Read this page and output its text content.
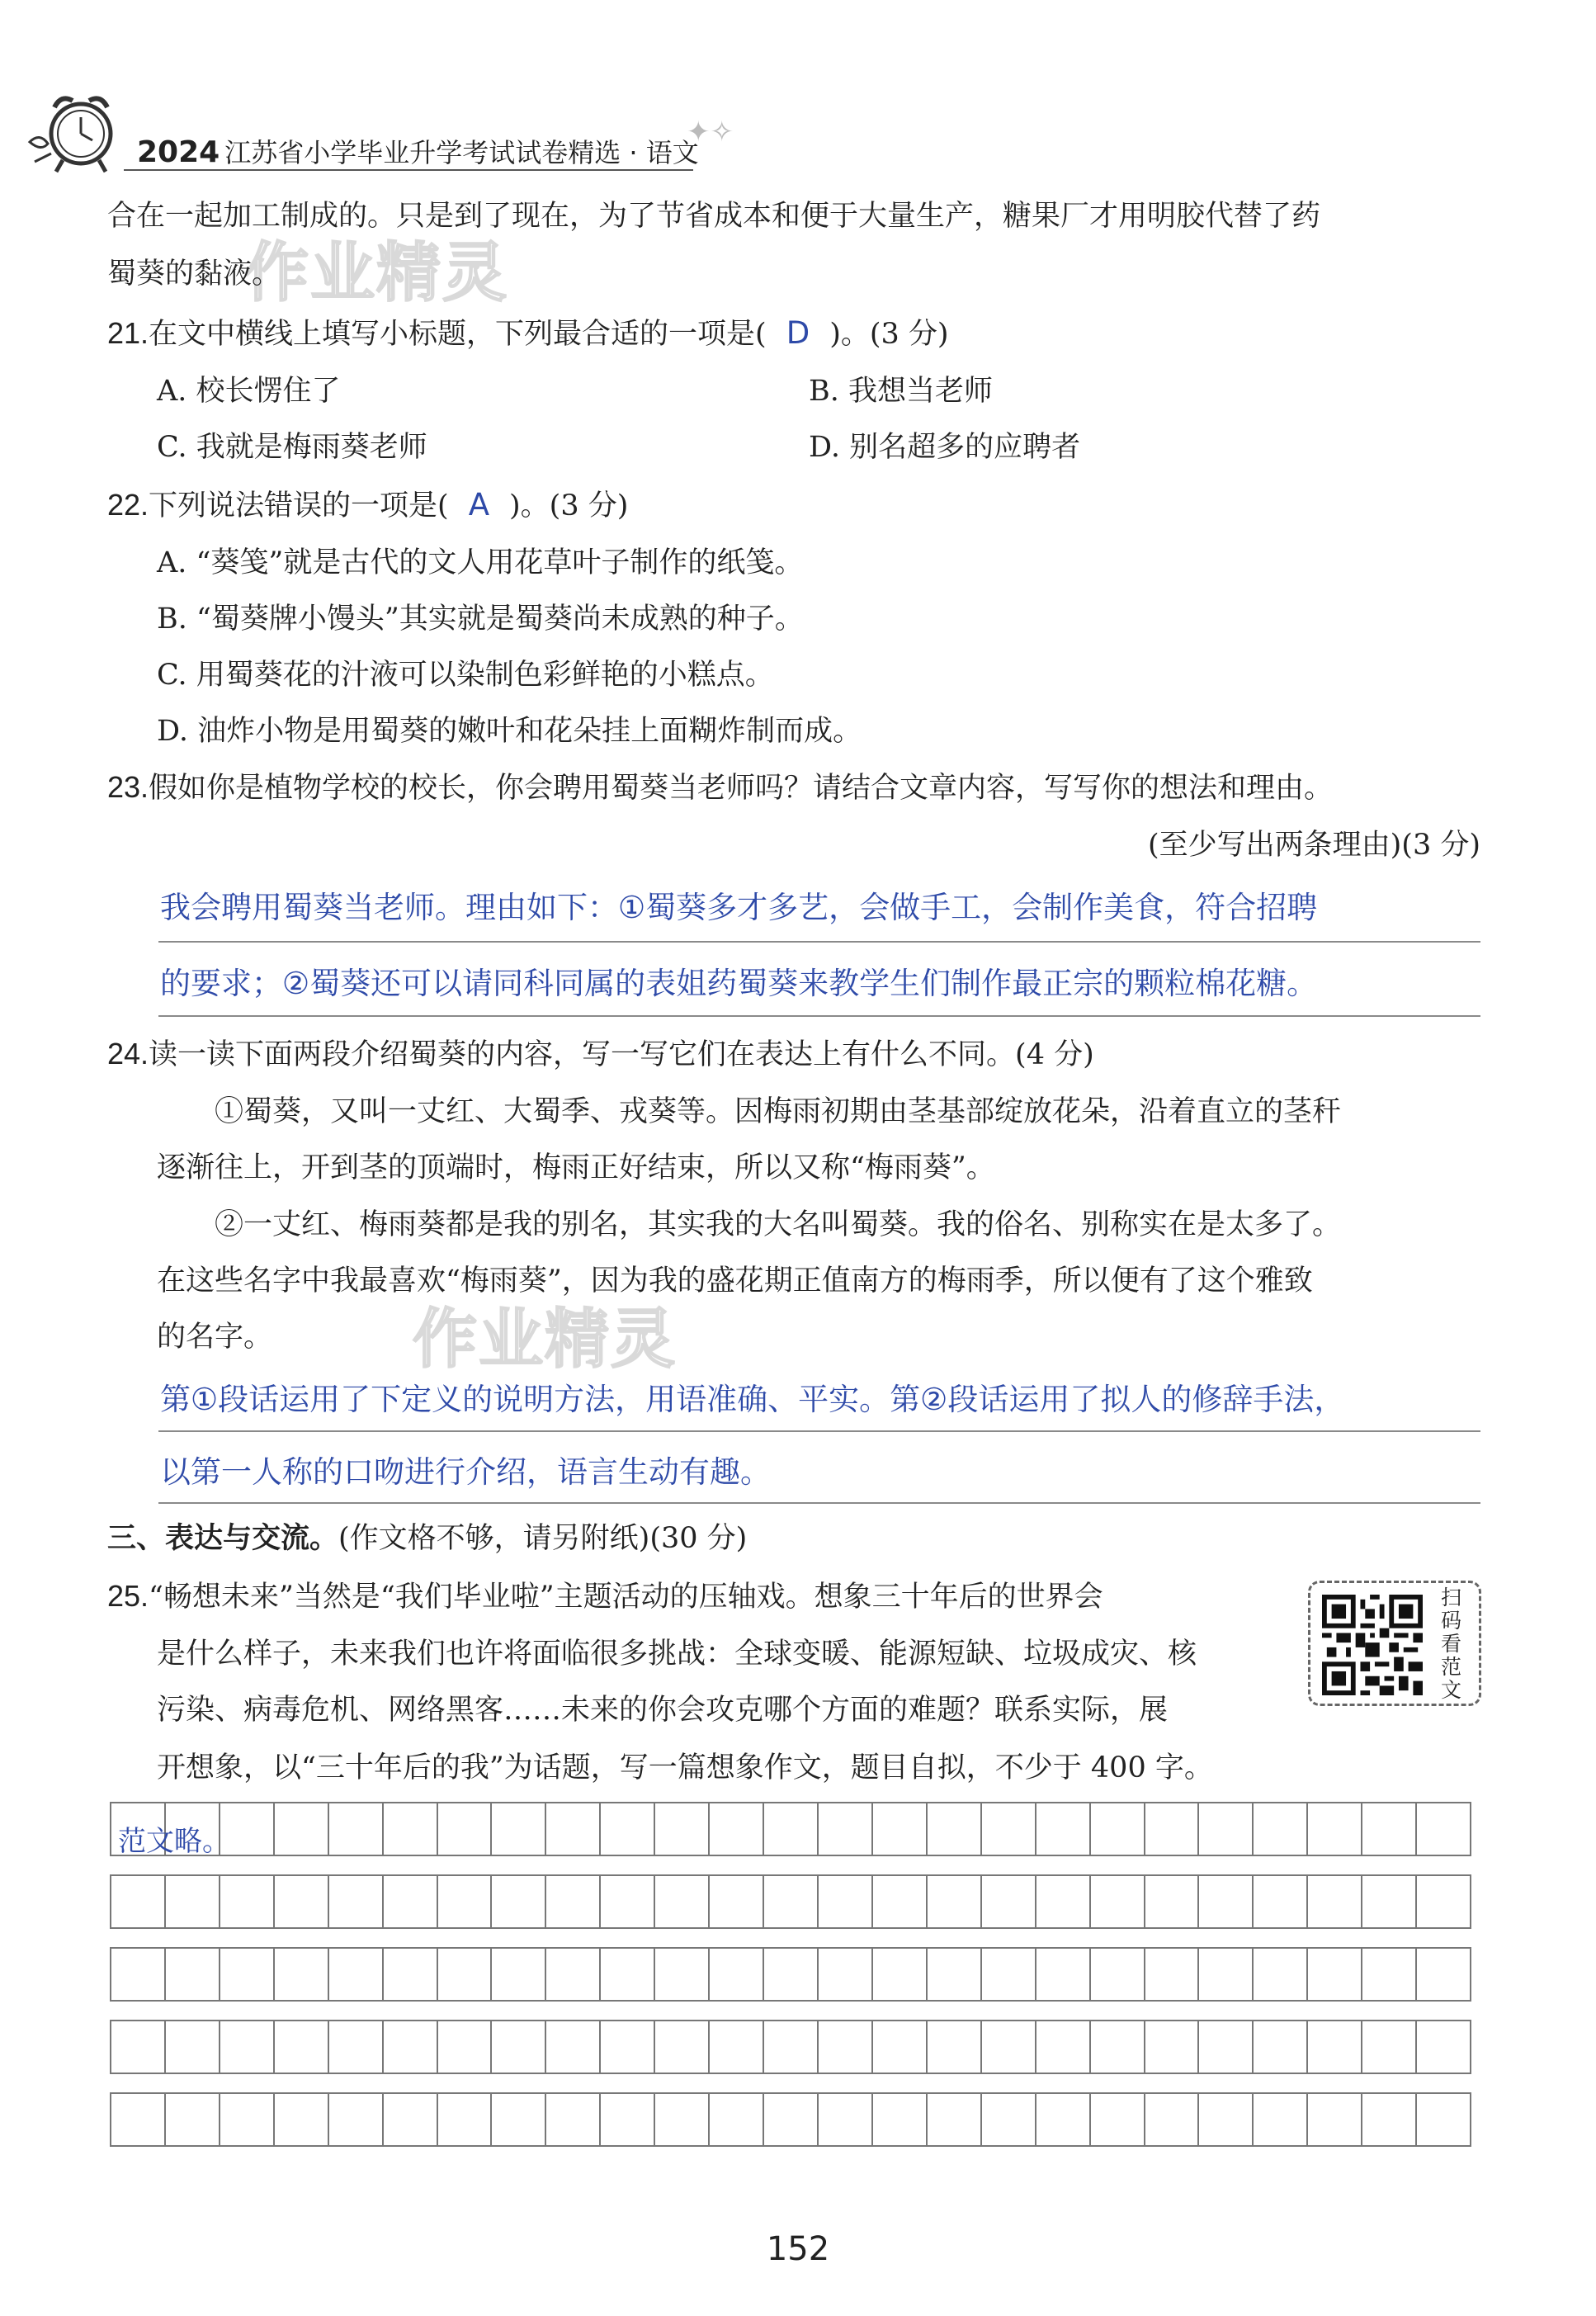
2024 江苏省小学毕业升学考试试卷精选 · 语文
✦✧
作业精灵
作业精灵
合在一起加工制成的。只是到了现在，为了节省成本和便于大量生产，糖果厂才用明胶代替了药
蜀葵的黏液。
21.在文中横线上填写小标题，下列最合适的一项是( D )。(3 分)
A. 校长愣住了	B. 我想当老师
C. 我就是梅雨葵老师	D. 别名超多的应聘者
22.下列说法错误的一项是( A )。(3 分)
A. “葵笺”就是古代的文人用花草叶子制作的纸笺。
B. “蜀葵牌小馒头”其实就是蜀葵尚未成熟的种子。
C. 用蜀葵花的汁液可以染制色彩鲜艳的小糕点。
D. 油炸小物是用蜀葵的嫩叶和花朵挂上面糊炸制而成。
23.假如你是植物学校的校长，你会聘用蜀葵当老师吗？请结合文章内容，写写你的想法和理由。
(至少写出两条理由)(3 分)
我会聘用蜀葵当老师。理由如下：①蜀葵多才多艺，会做手工，会制作美食，符合招聘
的要求；②蜀葵还可以请同科同属的表姐药蜀葵来教学生们制作最正宗的颗粒棉花糖。
24.读一读下面两段介绍蜀葵的内容，写一写它们在表达上有什么不同。(4 分)
①蜀葵，又叫一丈红、大蜀季、戎葵等。因梅雨初期由茎基部绽放花朵，沿着直立的茎秆
逐渐往上，开到茎的顶端时，梅雨正好结束，所以又称“梅雨葵”。
②一丈红、梅雨葵都是我的别名，其实我的大名叫蜀葵。我的俗名、别称实在是太多了。
在这些名字中我最喜欢“梅雨葵”，因为我的盛花期正值南方的梅雨季，所以便有了这个雅致
的名字。
第①段话运用了下定义的说明方法，用语准确、平实。第②段话运用了拟人的修辞手法，
以第一人称的口吻进行介绍，语言生动有趣。
三、表达与交流。(作文格不够，请另附纸)(30 分)
25.“畅想未来”当然是“我们毕业啦”主题活动的压轴戏。想象三十年后的世界会
是什么样子，未来我们也许将面临很多挑战：全球变暖、能源短缺、垃圾成灾、核
污染、病毒危机、网络黑客……未来的你会攻克哪个方面的难题？联系实际，展
开想象，以“三十年后的我”为话题，写一篇想象作文，题目自拟，不少于 400 字。
扫码看范文
范文略。
152
